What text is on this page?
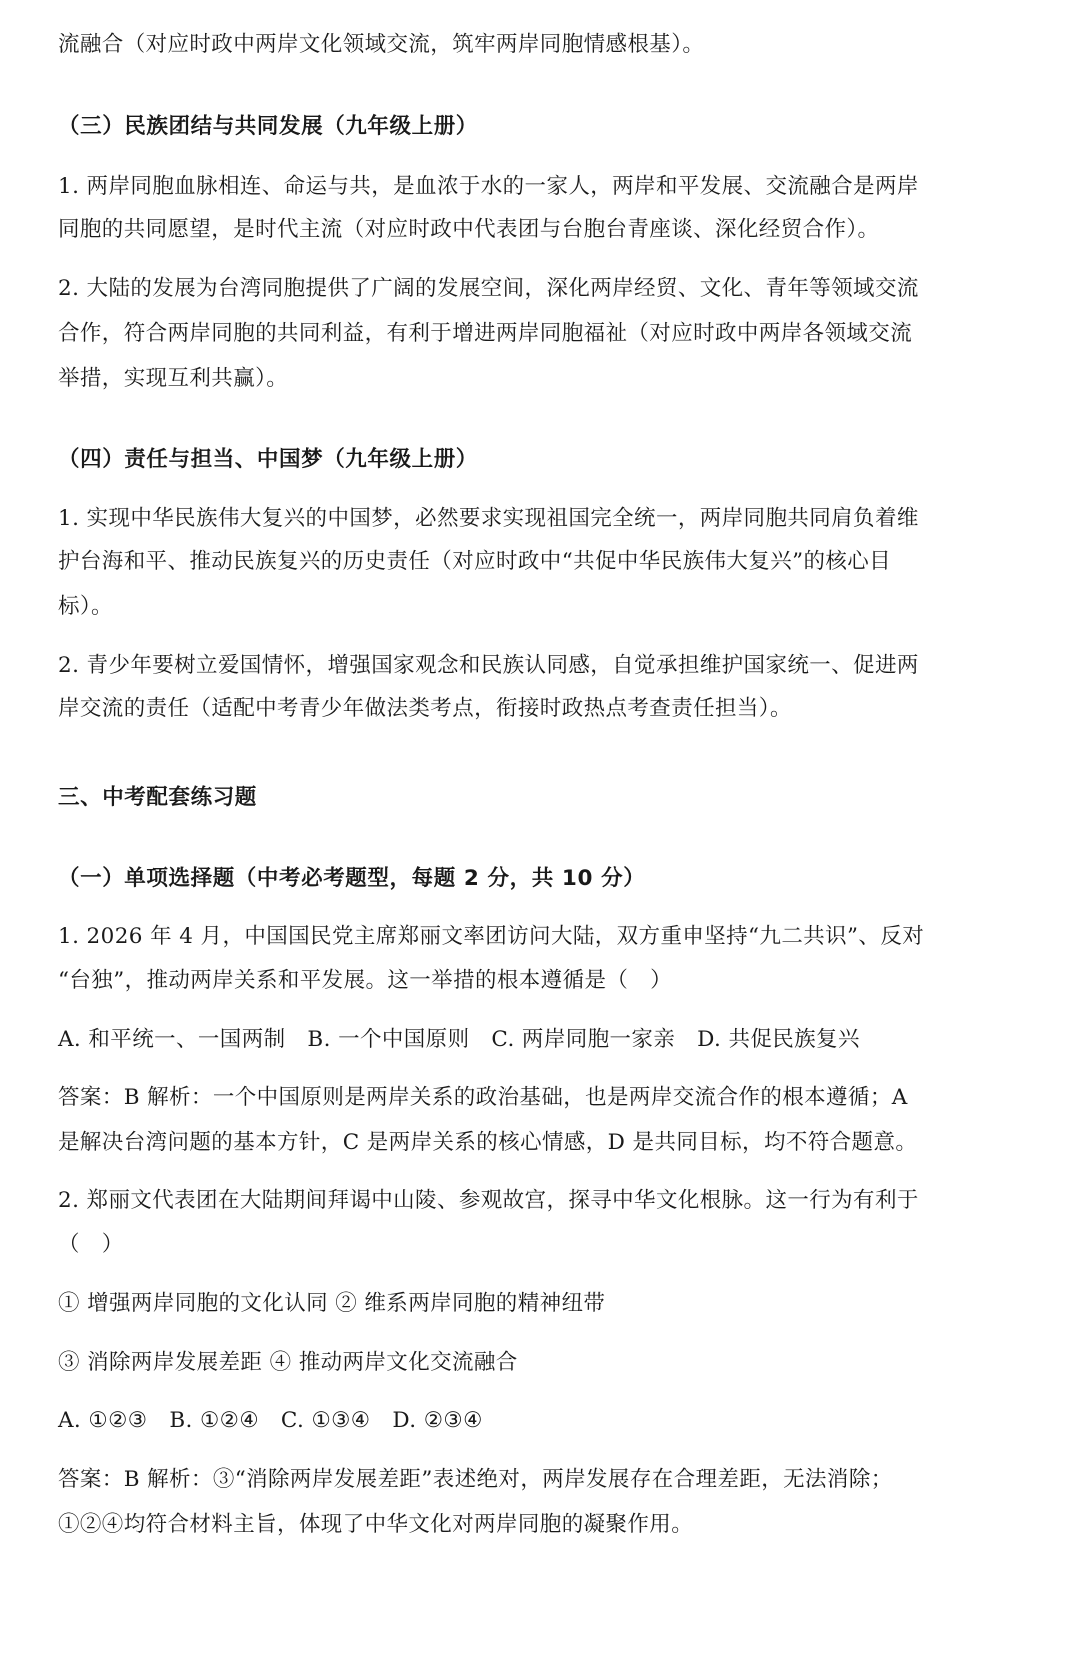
流融合（对应时政中两岸文化领域交流，筑牢两岸同胞情感根基）。
（三）民族团结与共同发展（九年级上册）
1. 两岸同胞血脉相连、命运与共，是血浓于水的一家人，两岸和平发展、交流融合是两岸
同胞的共同愿望，是时代主流（对应时政中代表团与台胞台青座谈、深化经贸合作）。
2. 大陆的发展为台湾同胞提供了广阔的发展空间，深化两岸经贸、文化、青年等领域交流
合作，符合两岸同胞的共同利益，有利于增进两岸同胞福祉（对应时政中两岸各领域交流
举措，实现互利共赢）。
（四）责任与担当、中国梦（九年级上册）
1. 实现中华民族伟大复兴的中国梦，必然要求实现祖国完全统一，两岸同胞共同肩负着维
护台海和平、推动民族复兴的历史责任（对应时政中“共促中华民族伟大复兴”的核心目
标）。
2. 青少年要树立爱国情怀，增强国家观念和民族认同感，自觉承担维护国家统一、促进两
岸交流的责任（适配中考青少年做法类考点，衔接时政热点考查责任担当）。
三、中考配套练习题
（一）单项选择题（中考必考题型，每题 2 分，共 10 分）
1. 2026 年 4 月，中国国民党主席郑丽文率团访问大陆，双方重申坚持“九二共识”、反对
“台独”，推动两岸关系和平发展。这一举措的根本遵循是（　）
A. 和平统一、一国两制　B. 一个中国原则　C. 两岸同胞一家亲　D. 共促民族复兴
答案：B 解析：一个中国原则是两岸关系的政治基础，也是两岸交流合作的根本遵循；A
是解决台湾问题的基本方针，C 是两岸关系的核心情感，D 是共同目标，均不符合题意。
2. 郑丽文代表团在大陆期间拜谒中山陵、参观故宫，探寻中华文化根脉。这一行为有利于
（　）
① 增强两岸同胞的文化认同 ② 维系两岸同胞的精神纽带
③ 消除两岸发展差距 ④ 推动两岸文化交流融合
A. ①②③　B. ①②④　C. ①③④　D. ②③④
答案：B 解析：③“消除两岸发展差距”表述绝对，两岸发展存在合理差距，无法消除；
①②④均符合材料主旨，体现了中华文化对两岸同胞的凝聚作用。
